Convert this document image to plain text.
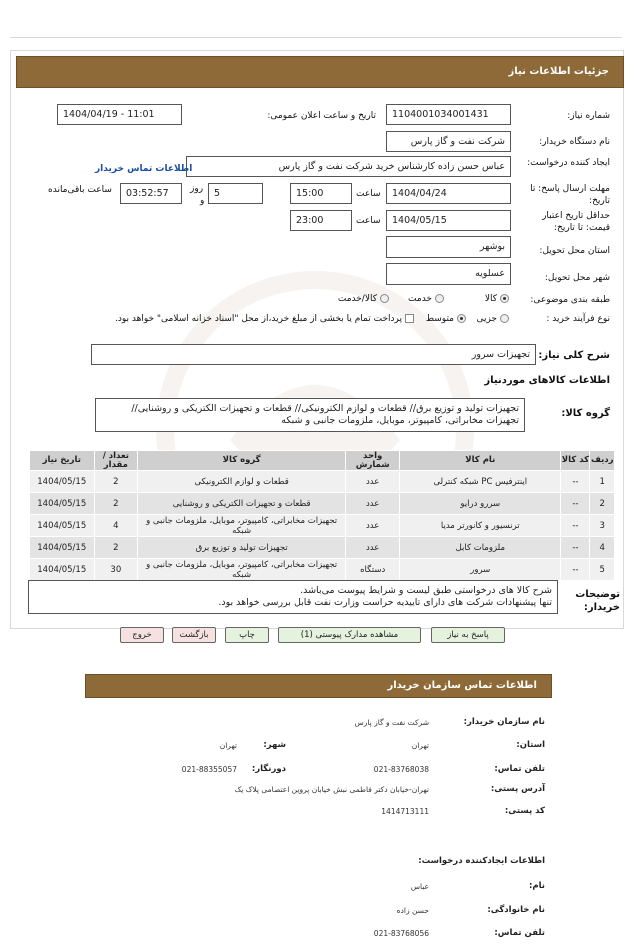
جزئیات اطلاعات نیاز
شماره نیاز:
1104001034001431
تاریخ و ساعت اعلان عمومی:
1404/04/19 - 11:01
نام دستگاه خریدار:
شرکت نفت و گاز پارس
ایجاد کننده درخواست:
عباس حسن زاده کارشناس خرید شرکت نفت و گاز پارس
اطلاعات تماس خریدار
مهلت ارسال پاسخ: تا تاریخ:
1404/04/24
ساعت
15:00
5
روز
و
03:52:57
ساعت باقی‌مانده
حداقل تاریخ اعتبار قیمت: تا تاریخ:
1404/05/15
ساعت
23:00
استان محل تحویل:
بوشهر
شهر محل تحویل:
عسلویه
طبقه بندی موضوعی:
کالا
خدمت
کالا/خدمت
نوع فرآیند خرید :
جزیی
متوسط
پرداخت تمام یا بخشی از مبلغ خرید،از محل "اسناد خزانه اسلامی" خواهد بود.
شرح کلی نیاز:
تجهیزات سرور
اطلاعات کالاهای موردنیاز
گروه کالا:
تجهیزات تولید و توزیع برق// قطعات و لوازم الکترونیکی// قطعات و تجهیزات الکتریکی و روشنایی//
تجهیزات مخابراتی، کامپیوتر، موبایل، ملزومات جانبی و شبکه
ردیف	کد کالا	نام کالا	واحد شمارش	گروه کالا	تعداد / مقدار	تاریخ نیاز
1	--	اینترفیس PC شبکه کنترلی	عدد	قطعات و لوازم الکترونیکی	2	1404/05/15
2	--	سررو درایو	عدد	قطعات و تجهیزات الکتریکی و روشنایی	2	1404/05/15
3	--	ترنسیور و کانورتر مدیا	عدد	تجهیزات مخابراتی، کامپیوتر، موبایل، ملزومات جانبی و شبکه	4	1404/05/15
4	--	ملزومات کابل	عدد	تجهیزات تولید و توزیع برق	2	1404/05/15
5	--	سرور	دستگاه	تجهیزات مخابراتی، کامپیوتر، موبایل، ملزومات جانبی و شبکه	30	1404/05/15
توضیحات خریدار:
شرح کالا های درخواستی طبق لیست و شرایط پیوست می‌باشد.
تنها پیشنهادات شرکت های دارای تاییدیه حراست وزارت نفت قابل بررسی خواهد بود.
پاسخ به نیاز
مشاهده مدارک پیوستی (1)
چاپ
بازگشت
خروج
اطلاعات تماس سازمان خریدار
نام سازمان خریدار:
شرکت نفت و گاز پارس
استان:
تهران
شهر:
تهران
تلفن تماس:
021-83768038
دورنگار:
021-88355057
آدرس پستی:
تهران-خیابان دکتر فاطمی نبش خیابان پروین اعتصامی پلاک یک
کد پستی:
1414713111
اطلاعات ایجادکننده درخواست:
نام:
عباس
نام خانوادگی:
حسن زاده
تلفن تماس:
021-83768056
